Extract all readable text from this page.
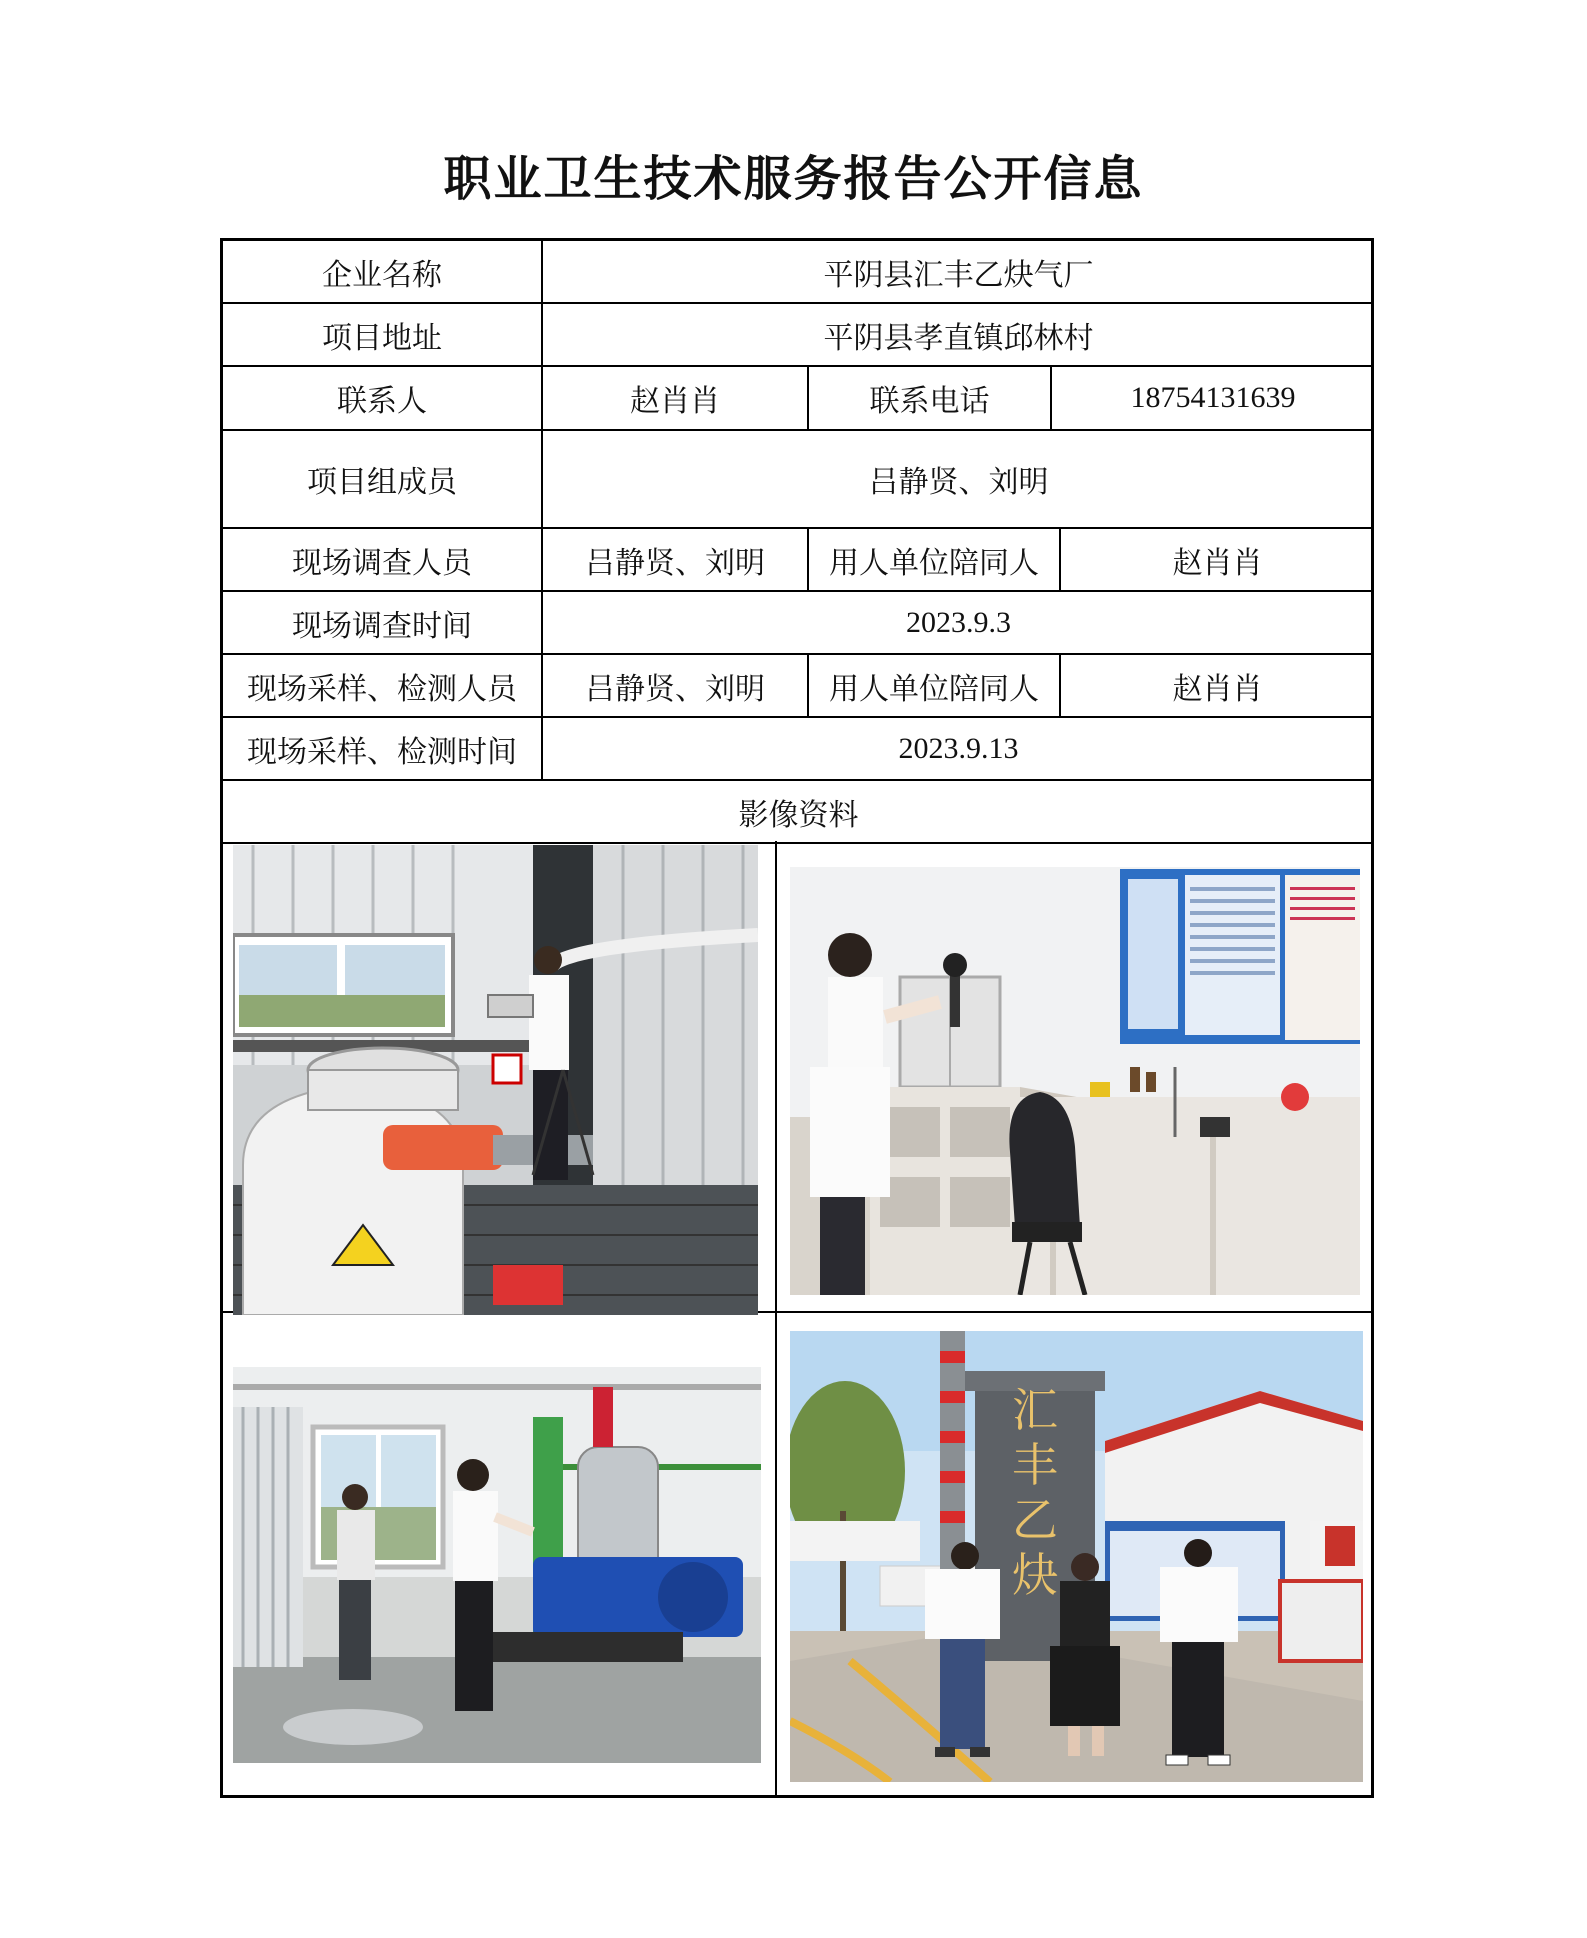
职业卫生技术服务报告公开信息
企业名称	平阴县汇丰乙炔气厂
项目地址	平阴县孝直镇邱林村
联系人	赵肖肖	联系电话	18754131639
项目组成员	吕静贤、刘明
现场调查人员	吕静贤、刘明	用人单位陪同人	赵肖肖
现场调查时间	2023.9.3
现场采样、检测人员	吕静贤、刘明	用人单位陪同人	赵肖肖
现场采样、检测时间	2023.9.13
影像资料
汇
丰
乙
炔
